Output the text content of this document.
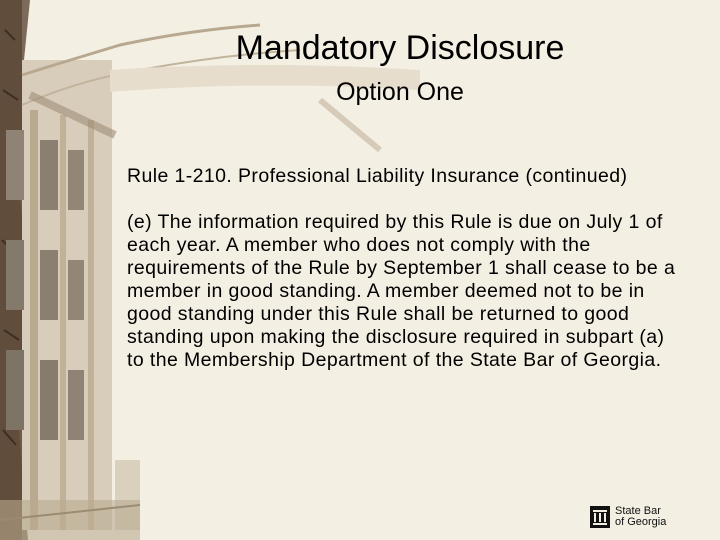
Mandatory Disclosure
Option One

Rule 1-210. Professional Liability Insurance (continued)

(e) The information required by this Rule is due on July 1 of each year. A member who does not comply with the requirements of the Rule by September 1 shall cease to be a member in good standing. A member deemed not to be in good standing under this Rule shall be returned to good standing upon making the disclosure required in subpart (a) to the Membership Department of the State Bar of Georgia.

State Bar
of Georgia
